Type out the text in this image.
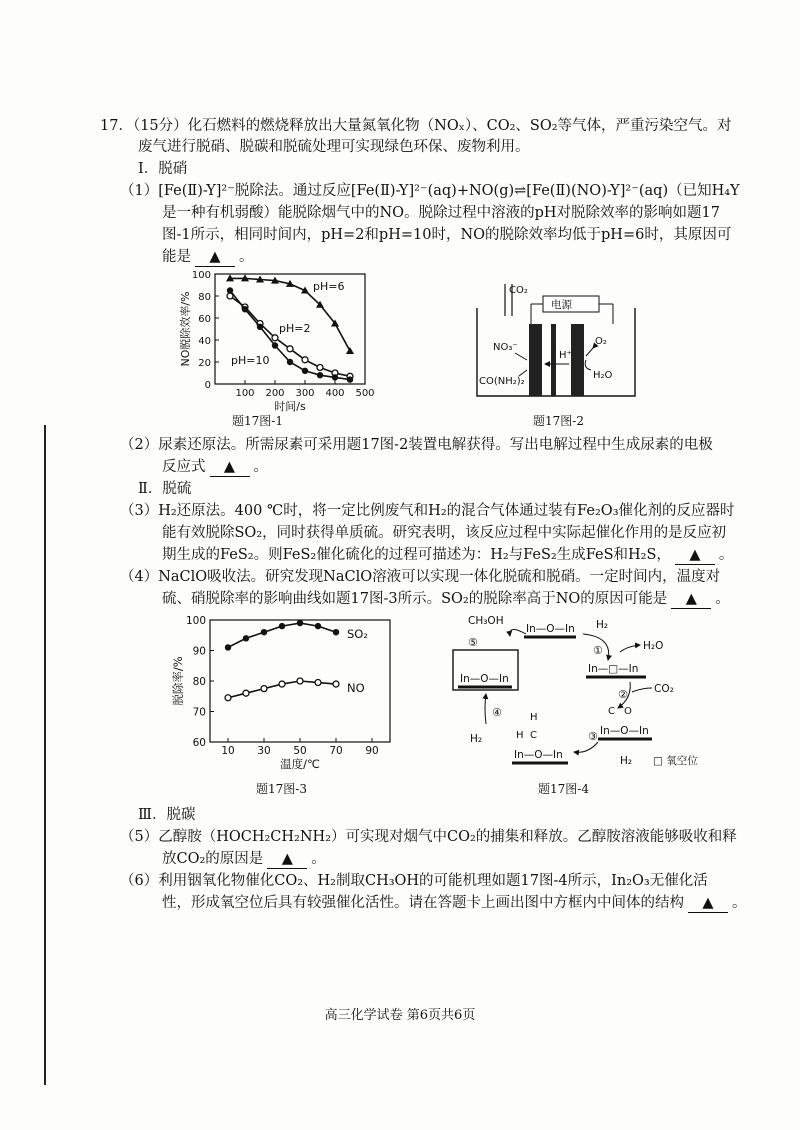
17．（15分）化石燃料的燃烧释放出大量氮氧化物（NOₓ）、CO₂、SO₂等气体，严重污染空气。对
废气进行脱硝、脱碳和脱硫处理可实现绿色环保、废物利用。
Ⅰ．脱硝
（1）[Fe(Ⅱ)-Y]²⁻脱除法。通过反应[Fe(Ⅱ)-Y]²⁻(aq)+NO(g)⇌[Fe(Ⅱ)(NO)-Y]²⁻(aq)（已知H₄Y
是一种有机弱酸）能脱除烟气中的NO。脱除过程中溶液的pH对脱除效率的影响如题17
图-1所示，相同时间内，pH=2和pH=10时，NO的脱除效率均低于pH=6时，其原因可
能是 ▲ 。
100 200 300 400 500
0
20
40
60
80
100
时间/s
NO脱除效率/%
pH=6
pH=2
pH=10
题17图-1
CO₂
电源
NO₃⁻
CO(NH₂)₂
H⁺
O₂
H₂O
题17图-2
（2）尿素还原法。所需尿素可采用题17图-2装置电解获得。写出电解过程中生成尿素的电极
反应式 ▲ 。
Ⅱ．脱硫
（3）H₂还原法。400 ℃时，将一定比例废气和H₂的混合气体通过装有Fe₂O₃催化剂的反应器时
能有效脱除SO₂，同时获得单质硫。研究表明，该反应过程中实际起催化作用的是反应初
期生成的FeS₂。则FeS₂催化硫化的过程可描述为：H₂与FeS₂生成FeS和H₂S， ▲ 。
（4）NaClO吸收法。研究发现NaClO溶液可以实现一体化脱硫和脱硝。一定时间内，温度对
硫、硝脱除率的影响曲线如题17图-3所示。SO₂的脱除率高于NO的原因可能是 ▲ 。
10 30 50 70 90
60
70
80
90
100
温度/℃
脱除率/%
SO₂
NO
题17图-3
CH₃OH
⑤
In—O—In H₂
①	H₂O
In—□—In
② CO₂
C O
In—O—In
In—O—In
④
H₂
H
H C
In—O—In
③
H₂ □ 氧空位
题17图-4
Ⅲ．脱碳
（5）乙醇胺（HOCH₂CH₂NH₂）可实现对烟气中CO₂的捕集和释放。乙醇胺溶液能够吸收和释
放CO₂的原因是 ▲ 。
（6）利用铟氧化物催化CO₂、H₂制取CH₃OH的可能机理如题17图-4所示，In₂O₃无催化活
性，形成氧空位后具有较强催化活性。请在答题卡上画出图中方框内中间体的结构 ▲ 。
高三化学试卷 第6页共6页
